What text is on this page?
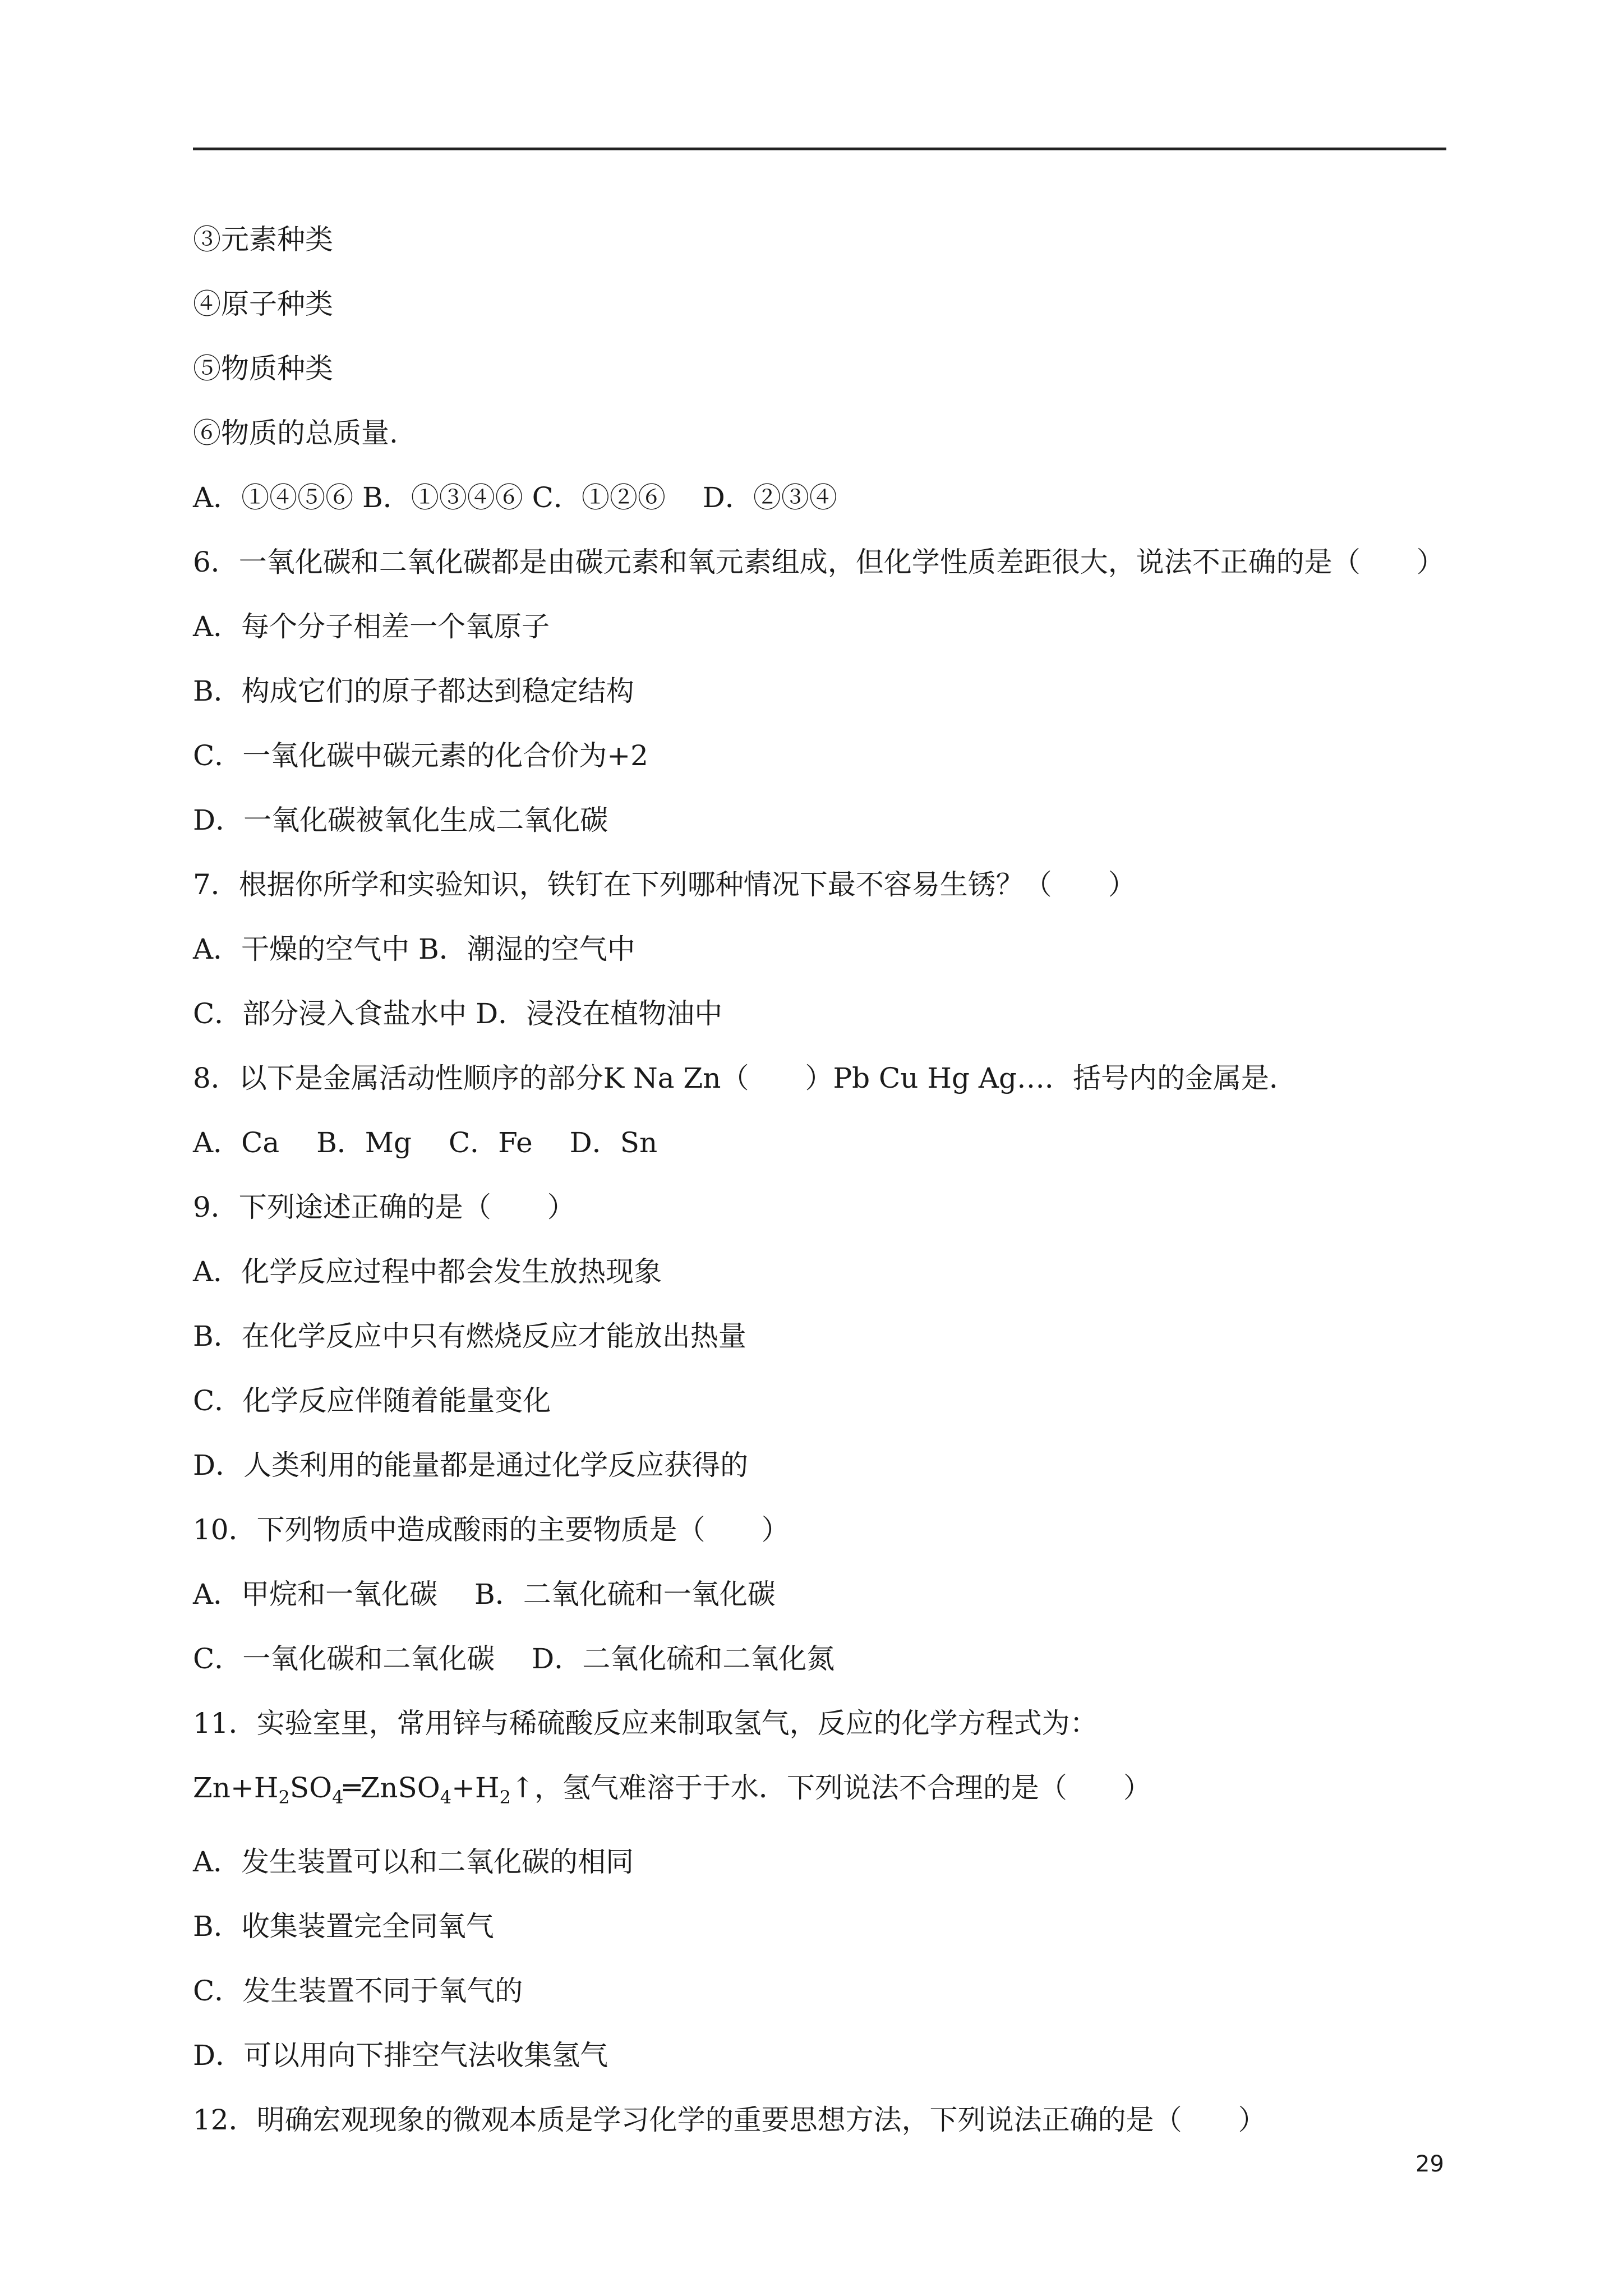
③元素种类
④原子种类
⑤物质种类
⑥物质的总质量.
A．①④⑤⑥ B．①③④⑥ C．①②⑥　 D．②③④
6．一氧化碳和二氧化碳都是由碳元素和氧元素组成，但化学性质差距很大，说法不正确的是（　　）
A．每个分子相差一个氧原子
B．构成它们的原子都达到稳定结构
C．一氧化碳中碳元素的化合价为+2
D．一氧化碳被氧化生成二氧化碳
7．根据你所学和实验知识，铁钉在下列哪种情况下最不容易生锈？（　　）
A．干燥的空气中 B．潮湿的空气中
C．部分浸入食盐水中 D．浸没在植物油中
8．以下是金属活动性顺序的部分K Na Zn（　　）Pb Cu Hg Ag…．括号内的金属是．
A．Ca　 B．Mg　 C．Fe　 D．Sn
9．下列途述正确的是（　　）
A．化学反应过程中都会发生放热现象
B．在化学反应中只有燃烧反应才能放出热量
C．化学反应伴随着能量变化
D．人类利用的能量都是通过化学反应获得的
10．下列物质中造成酸雨的主要物质是（　　）
A．甲烷和一氧化碳　 B．二氧化硫和一氧化碳
C．一氧化碳和二氧化碳　 D．二氧化硫和二氧化氮
11．实验室里，常用锌与稀硫酸反应来制取氢气，反应的化学方程式为：$Zn+H_2SO_4═ZnSO_4+H_2↑$，氢气难溶于于水．下列说法不合理的是（　　）
A．发生装置可以和二氧化碳的相同
B．收集装置完全同氧气
C．发生装置不同于氧气的
D．可以用向下排空气法收集氢气
12．明确宏观现象的微观本质是学习化学的重要思想方法，下列说法正确的是（　　）
29
